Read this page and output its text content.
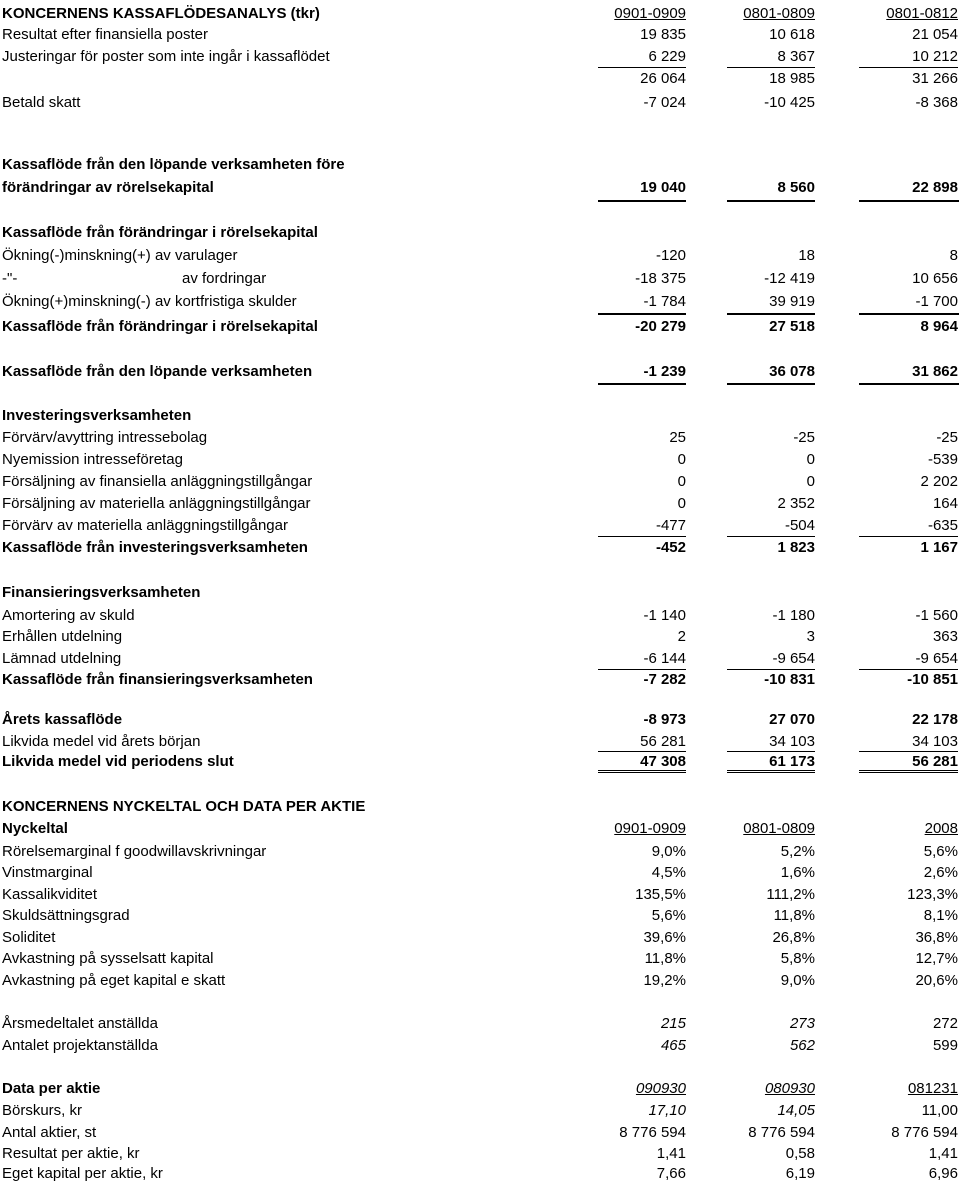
KONCERNENS KASSAFLÖDESANALYS (tkr)	0901-0909	0801-0809	0801-0812
Resultat efter finansiella poster	19 835	10 618	21 054
Justeringar för poster som inte ingår i kassaflödet	6 229	8 367	10 212
26 064	18 985	31 266
Betald skatt	-7 024	-10 425	-8 368
Kassaflöde från den löpande verksamheten före
förändringar av rörelsekapital	19 040	8 560	22 898
Kassaflöde från förändringar i rörelsekapital
Ökning(-)minskning(+) av varulager	-120	18	8
-"-	av fordringar	-18 375	-12 419	10 656
Ökning(+)minskning(-) av kortfristiga skulder	-1 784	39 919	-1 700
Kassaflöde från förändringar i rörelsekapital	-20 279	27 518	8 964
Kassaflöde från den löpande verksamheten	-1 239	36 078	31 862
Investeringsverksamheten
Förvärv/avyttring intressebolag	25	-25	-25
Nyemission intresseföretag	0	0	-539
Försäljning av finansiella anläggningstillgångar	0	0	2 202
Försäljning av materiella anläggningstillgångar	0	2 352	164
Förvärv av materiella anläggningstillgångar	-477	-504	-635
Kassaflöde från investeringsverksamheten	-452	1 823	1 167
Finansieringsverksamheten
Amortering av skuld	-1 140	-1 180	-1 560
Erhållen utdelning	2	3	363
Lämnad utdelning	-6 144	-9 654	-9 654
Kassaflöde från finansieringsverksamheten	-7 282	-10 831	-10 851
Årets kassaflöde	-8 973	27 070	22 178
Likvida medel vid årets början	56 281	34 103	34 103
Likvida medel vid periodens slut	47 308	61 173	56 281
KONCERNENS NYCKELTAL OCH DATA PER AKTIE
Nyckeltal	0901-0909	0801-0809	2008
Rörelsemarginal f goodwillavskrivningar	9,0%	5,2%	5,6%
Vinstmarginal	4,5%	1,6%	2,6%
Kassalikviditet	135,5%	111,2%	123,3%
Skuldsättningsgrad	5,6%	11,8%	8,1%
Soliditet	39,6%	26,8%	36,8%
Avkastning på sysselsatt kapital	11,8%	5,8%	12,7%
Avkastning på eget kapital e skatt	19,2%	9,0%	20,6%
Årsmedeltalet anställda	215	273	272
Antalet projektanställda	465	562	599
Data per aktie	090930	080930	081231
Börskurs, kr	17,10	14,05	11,00
Antal aktier, st	8 776 594	8 776 594	8 776 594
Resultat per aktie, kr	1,41	0,58	1,41
Eget kapital per aktie, kr	7,66	6,19	6,96
